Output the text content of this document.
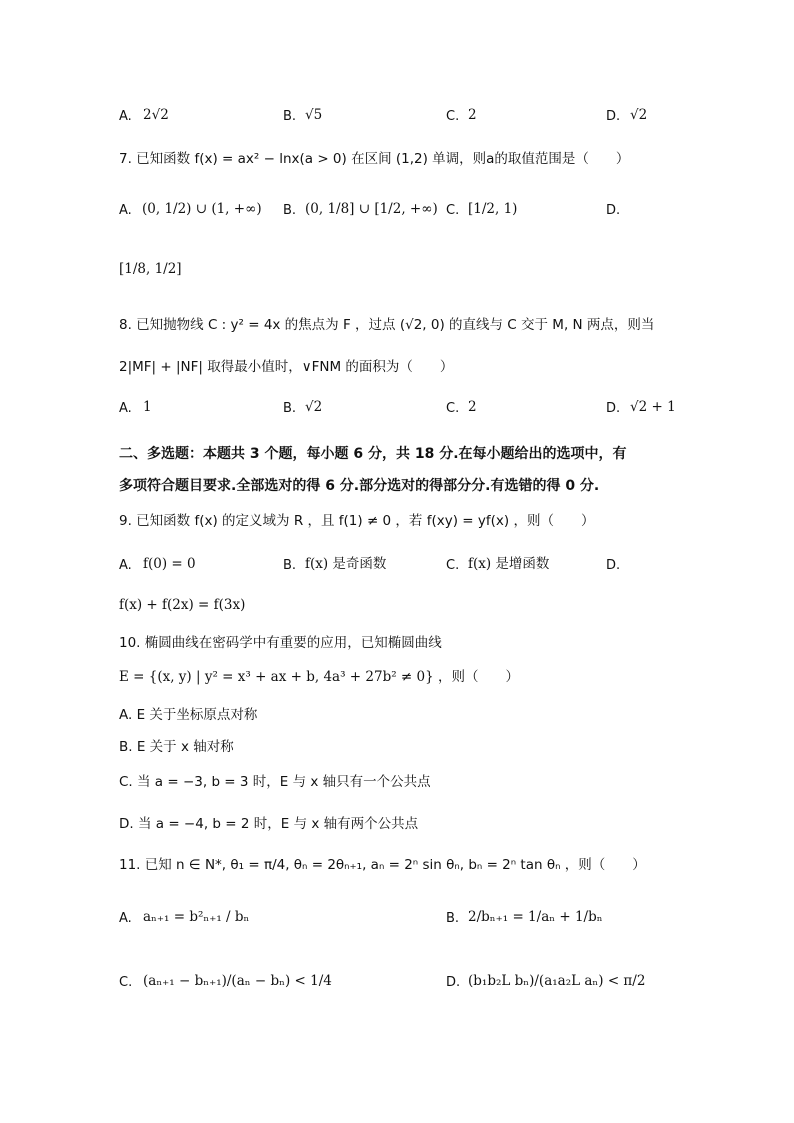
A. 2√2	B. √5	C. 2	D. √2
7. 已知函数 f(x) = ax² − lnx(a > 0) 在区间 (1,2) 单调，则a的取值范围是（　　）
A. (0, 1/2) ∪ (1, +∞) B. (0, 1/8] ∪ [1/2, +∞) C. [1/2, 1)	D.
[1/8, 1/2]
8. 已知抛物线 C : y² = 4x 的焦点为 F ，过点 (√2, 0) 的直线与 C 交于 M, N 两点，则当
2|MF| + |NF| 取得最小值时，∨FNM 的面积为（　　）
A. 1	B. √2	C. 2	D. √2 + 1
二、多选题：本题共 3 个题，每小题 6 分，共 18 分.在每小题给出的选项中，有
多项符合题目要求.全部选对的得 6 分.部分选对的得部分分.有选错的得 0 分.
9. 已知函数 f(x) 的定义域为 R ，且 f(1) ≠ 0 ，若 f(xy) = yf(x) ，则（　　）
A. f(0) = 0	B. f(x) 是奇函数	C. f(x) 是增函数	D.
f(x) + f(2x) = f(3x)
10. 椭圆曲线在密码学中有重要的应用，已知椭圆曲线
E = {(x, y) | y² = x³ + ax + b, 4a³ + 27b² ≠ 0} ，则（　　）
A. E 关于坐标原点对称
B. E 关于 x 轴对称
C. 当 a = −3, b = 3 时，E 与 x 轴只有一个公共点
D. 当 a = −4, b = 2 时，E 与 x 轴有两个公共点
11. 已知 n ∈ N*, θ₁ = π/4, θₙ = 2θₙ₊₁, aₙ = 2ⁿ sin θₙ, bₙ = 2ⁿ tan θₙ ，则（　　）
A. aₙ₊₁ = b²ₙ₊₁ / bₙ	B. 2/bₙ₊₁ = 1/aₙ + 1/bₙ
C. (aₙ₊₁ − bₙ₊₁)/(aₙ − bₙ) < 1/4	D. (b₁b₂L bₙ)/(a₁a₂L aₙ) < π/2
